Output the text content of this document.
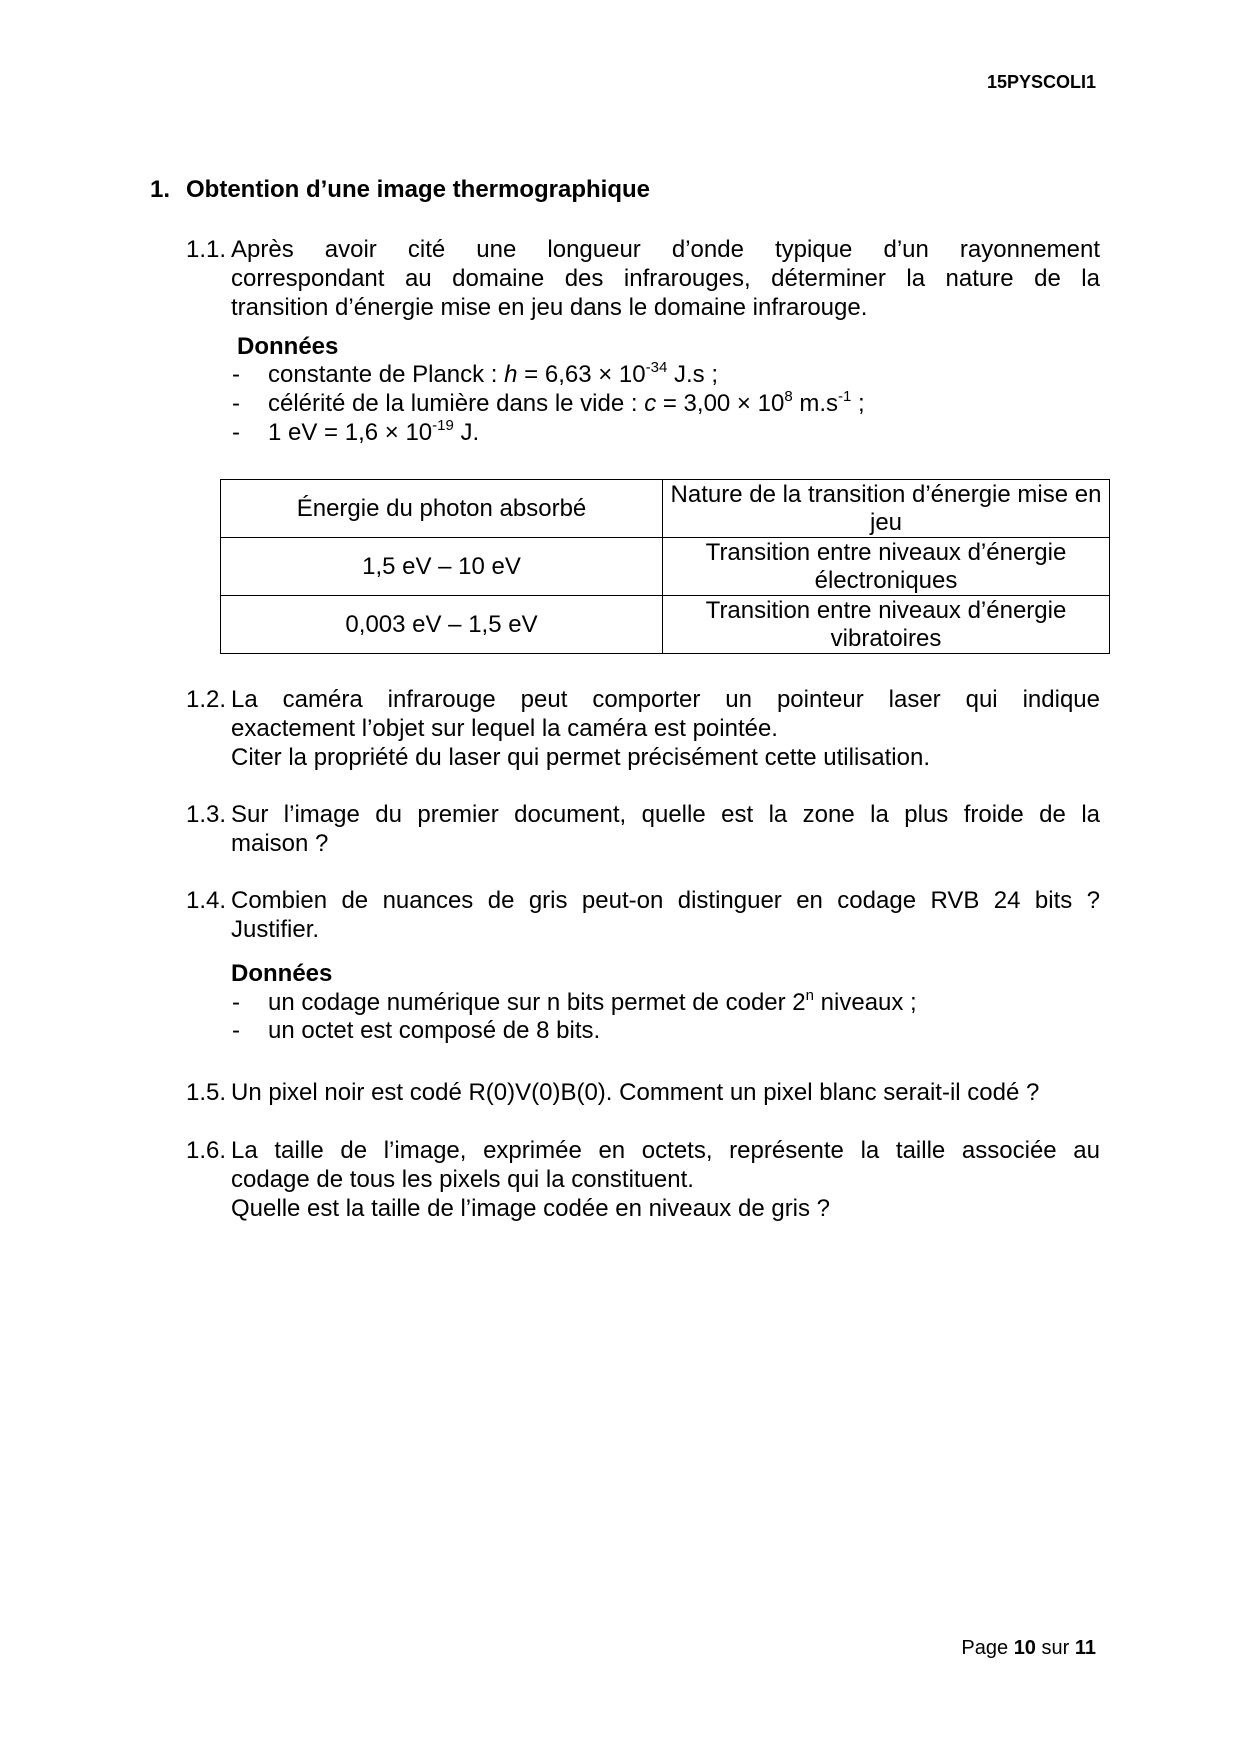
15PYSCOLI1
1. Obtention d’une image thermographique
1.1. Après avoir cité une longueur d’onde typique d’un rayonnement
correspondant au domaine des infrarouges, déterminer la nature de la
transition d’énergie mise en jeu dans le domaine infrarouge.
Données
- constante de Planck : $h = 6,63 \times 10^{-34}$ J.s ;
- célérité de la lumière dans le vide : $c = 3,00 \times 10^8$ $m.s^{-1}$ ;
- 1 eV = $1,6 \times 10^{-19}$ J.
Énergie du photon absorbé	Nature de la transition d’énergie mise en jeu
1,5 eV – 10 eV	Transition entre niveaux d’énergie électroniques
0,003 eV – 1,5 eV	Transition entre niveaux d’énergie vibratoires
1.2. La caméra infrarouge peut comporter un pointeur laser qui indique
exactement l’objet sur lequel la caméra est pointée.
Citer la propriété du laser qui permet précisément cette utilisation.
1.3. Sur l’image du premier document, quelle est la zone la plus froide de la
maison ?
1.4. Combien de nuances de gris peut-on distinguer en codage RVB 24 bits ?
Justifier.
Données
- un codage numérique sur n bits permet de coder 2$^n$ niveaux ;
- un octet est composé de 8 bits.
1.5. Un pixel noir est codé R(0)V(0)B(0). Comment un pixel blanc serait-il codé ?
1.6. La taille de l’image, exprimée en octets, représente la taille associée au
codage de tous les pixels qui la constituent.
Quelle est la taille de l’image codée en niveaux de gris ?
Page 10 sur 11
